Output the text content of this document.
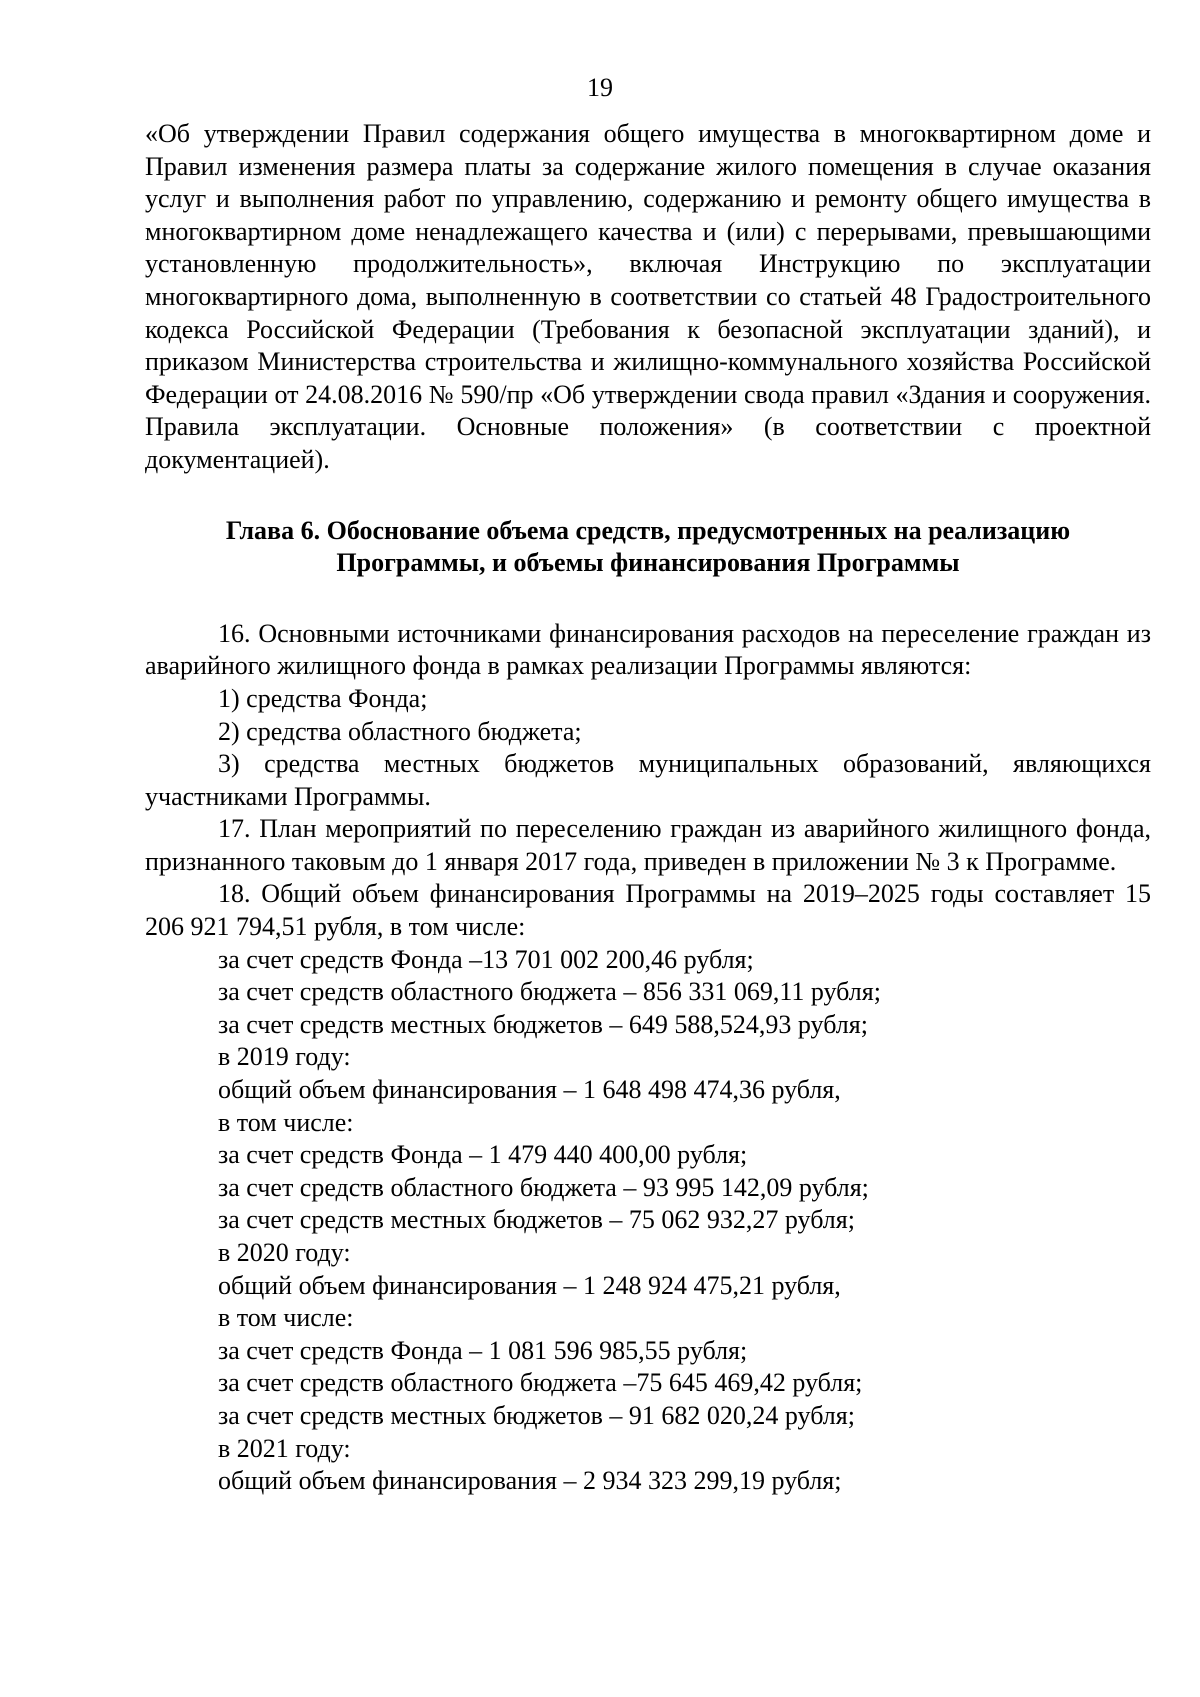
19

«Об утверждении Правил содержания общего имущества в многоквартирном доме и Правил изменения размера платы за содержание жилого помещения в случае оказания услуг и выполнения работ по управлению, содержанию и ремонту общего имущества в многоквартирном доме ненадлежащего качества и (или) с перерывами, превышающими установленную продолжительность», включая Инструкцию по эксплуатации многоквартирного дома, выполненную в соответствии со статьей 48 Градостроительного кодекса Российской Федерации (Требования к безопасной эксплуатации зданий), и приказом Министерства строительства и жилищно-коммунального хозяйства Российской Федерации от 24.08.2016 № 590/пр «Об утверждении свода правил «Здания и сооружения. Правила эксплуатации. Основные положения» (в соответствии с проектной документацией).

Глава 6. Обоснование объема средств, предусмотренных на реализацию
Программы, и объемы финансирования Программы

16. Основными источниками финансирования расходов на переселение граждан из аварийного жилищного фонда в рамках реализации Программы являются:

1) средства Фонда;

2) средства областного бюджета;

3) средства местных бюджетов муниципальных образований, являющихся участниками Программы.

17. План мероприятий по переселению граждан из аварийного жилищного фонда, признанного таковым до 1 января 2017 года, приведен в приложении № 3 к Программе.

18. Общий объем финансирования Программы на 2019–2025 годы составляет 15 206 921 794,51 рубля, в том числе:

за счет средств Фонда –13 701 002 200,46 рубля;
за счет средств областного бюджета – 856 331 069,11 рубля;
за счет средств местных бюджетов – 649 588,524,93 рубля;
в 2019 году:
общий объем финансирования – 1 648 498 474,36 рубля,
в том числе:
за счет средств Фонда – 1 479 440 400,00 рубля;
за счет средств областного бюджета – 93 995 142,09 рубля;
за счет средств местных бюджетов – 75 062 932,27 рубля;
в 2020 году:
общий объем финансирования – 1 248 924 475,21 рубля,
в том числе:
за счет средств Фонда – 1 081 596 985,55 рубля;
за счет средств областного бюджета –75 645 469,42 рубля;
за счет средств местных бюджетов – 91 682 020,24 рубля;
в 2021 году:
общий объем финансирования – 2 934 323 299,19 рубля;
